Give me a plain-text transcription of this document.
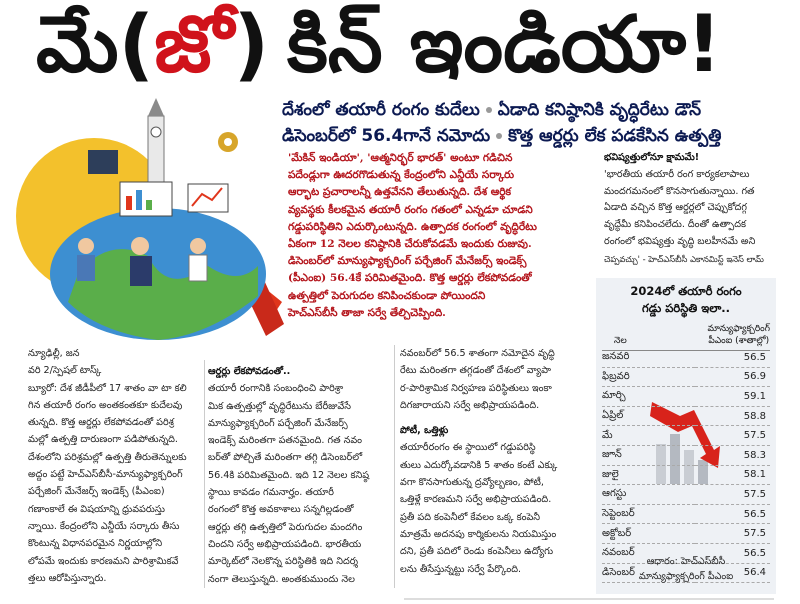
మే(జో) కిన్ ఇండియా!
దేశంలో తయారీ రంగం కుదేలు ఏడాది కనిష్ఠానికి వృద్ధిరేటు డౌన్
డిసెంబర్‌లో 56.4గానే నమోదు కొత్త ఆర్డర్లు లేక పడకేసిన ఉత్పత్తి
'మేకిన్ ఇండియా', 'ఆత్మనిర్భర్ భారత్' అంటూ గడిచిన
పదేండ్లుగా ఊదరగొడుతున్న కేంద్రంలోని ఎన్డీయే సర్కారు
ఆర్భాట ప్రచారాలన్నీ ఉత్తవేనని తేలుతున్నది. దేశ ఆర్థిక
వ్యవస్థకు కీలకమైన తయారీ రంగం గతంలో ఎన్నడూ చూడని
గడ్డుపరిస్థితిని ఎదుర్కొంటున్నది. ఉత్పాదక రంగంలో వృద్ధిరేటు
ఏకంగా 12 నెలల కనిష్ఠానికి చేరుకోవడమే ఇందుకు రుజువు.
డిసెంబర్‌లో మాన్యుఫ్యాక్చరింగ్ పర్చేజింగ్ మేనేజర్స్ ఇండెక్స్
(పీఎంఐ) 56.4కే పరిమితమైంది. కొత్త ఆర్డర్లు లేకపోవడంతో
ఉత్పత్తిలో పెరుగుదల కనిపించకుండా పోయిందని
హెచ్ఎస్‌బీసీ తాజా సర్వే తేల్చిచెప్పింది.
భవిష్యత్తులోనూ క్షామమే!
'భారతీయ తయారీ రంగ కార్యకలాపాలు
మందగమనంలో కొనసాగుతున్నాయి. గత
ఏడాది వచ్చిన కొత్త ఆర్డర్లలో చెప్పుకోదగ్గ
వృద్ధేమీ కనిపించలేదు. దీంతో ఉత్పాదక
రంగంలో భవిష్యత్తు వృద్ధి బలహీనమే అని
చెప్పవచ్చు' - హెచ్ఎస్‌బీసీ ఎకానమిస్ట్ ఇనెస్ లామ్
న్యూఢిల్లీ, జన
వరి 2/స్పెషల్ టాస్క్
బ్యూరో: దేశ జీడీపీలో 17 శాతం వా టా కలి
గిన తయారీ రంగం అంతకంతకూ కుదేలవు
తున్నది. కొత్త ఆర్డర్లు లేకపోవడంతో పరిశ్ర
మల్లో ఉత్పత్తి దారుణంగా పడిపోతున్నది.
దేశంలోని పరిశ్రమల్లో ఉత్పత్తి తీరుతెన్నులకు
అద్దం పట్టే హెచ్ఎస్‌బీసీ-మాన్యుఫ్యాక్చరింగ్
పర్చేజింగ్ మేనేజర్స్ ఇండెక్స్ (పీఎంఐ)
గణాంకాలే ఈ విషయాన్ని ధ్రువపరుస్తు
న్నాయి. కేంద్రంలోని ఎన్డీయే సర్కారు తీసు
కొంటున్న విధానపరమైన నిర్ణయాల్లోని
లోపమే ఇందుకు కారణమని పారిశ్రామికవే
త్తలు ఆరోపిస్తున్నారు.
ఆర్డర్లు లేకపోవడంతో..
తయారీ రంగానికి సంబంధించి పారిశ్రా
మిక ఉత్పత్తుల్లో వృద్ధిరేటును బేరీజువేసే
మాన్యుఫ్యాక్చరింగ్ పర్చేజింగ్ మేనేజర్స్
ఇండెక్స్ మరింతగా పతనమైంది. గత నవం
బర్‌తో పోల్చితే మరింతగా తగ్గి డిసెంబర్‌లో
56.4కి పరిమితమైంది. ఇది 12 నెలల కనిష్ఠ
స్థాయి కావడం గమనార్హం. తయారీ
రంగంలో కొత్త అవకాశాలు సన్నగిల్లడంతో
ఆర్డర్లు తగ్గి ఉత్పత్తిలో పెరుగుదల మందగిం
చిందని సర్వే అభిప్రాయపడింది. భారతీయ
మార్కెట్‌లో నెలకొన్న పరిస్థితికి ఇది నిదర్శ
నంగా తెలుస్తున్నది. అంతకుముందు నెల
నవంబర్‌లో 56.5 శాతంగా నమోదైన వృద్ధి
రేటు మరింతగా తగ్గడంతో దేశంలో వ్యాపా
ర-పారిశ్రామిక నిర్వహణ పరిస్థితులు ఇంకా
దిగజారాయని సర్వే అభిప్రాయపడింది.
పోటీ, ఒత్తిళ్లు
తయారీరంగం ఈ స్థాయిలో గడ్డుపరిస్థి
తులు ఎదుర్కోవడానికి 5 శాతం కంటే ఎక్కు
వగా కొనసాగుతున్న ద్రవ్యోల్బణం, పోటీ,
ఒత్తిళ్లే కారణమని సర్వే అభిప్రాయపడింది.
ప్రతీ పది కంపెనీలో కేవలం ఒక్క కంపెనీ
మాత్రమే అదనపు కార్మికులను నియమిస్తుం
దని, ప్రతీ పదిలో రెండు కంపెనీలు ఉద్యోగు
లను తీసేస్తున్నట్టు సర్వే పేర్కొంది.
2024లో తయారీ రంగం
గడ్డు పరిస్థితి ఇలా..
నెల
మాన్యుఫ్యాక్చరింగ్
పీఎంఐ (శాతాల్లో)
జనవరి	56.5
ఫిబ్రవరి	56.9
మార్చి	59.1
ఏప్రిల్	58.8
మే	57.5
జూన్	58.3
జులై	58.1
ఆగస్టు	57.5
సెప్టెంబర్	56.5
అక్టోబర్	57.5
నవంబర్	56.5
డిసెంబర్	56.4
ఆధారం: హెచ్ఎస్‌బీసీ
మాన్యుఫ్యాక్చరింగ్ పీఎంఐ
